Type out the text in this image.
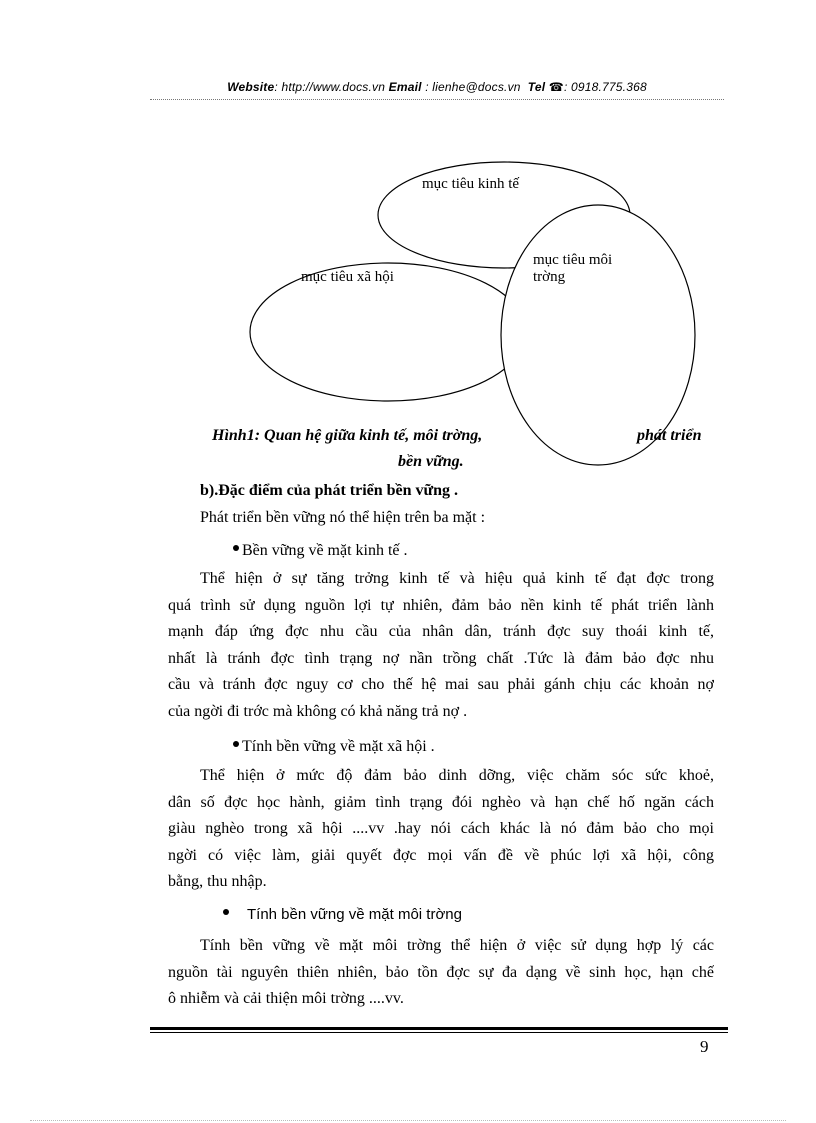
Website: http://www.docs.vn Email : lienhe@docs.vn Tel ☎: 0918.775.368
mục tiêu kinh tế
mục tiêu xã hội
mục tiêu môi
trờng
Hình1: Quan hệ giữa kinh tế, môi trờng,	phát triển
bền vững.
b).Đặc điểm của phát triển bền vững .
Phát triển bền vững nó thể hiện trên ba mặt :
Bền vững về mặt kinh tế .
Thể hiện ở sự tăng trởng kinh tế và hiệu quả kinh tế đạt đợc trong
quá trình sử dụng nguồn lợi tự nhiên, đảm bảo nền kinh tế phát triển lành
mạnh đáp ứng đợc nhu cầu của nhân dân, tránh đợc suy thoái kinh tế,
nhất là tránh đợc tình trạng nợ nần trồng chất .Tức là đảm bảo đợc nhu
cầu và tránh đợc nguy cơ cho thế hệ mai sau phải gánh chịu các khoản nợ
của ngời đi trớc mà không có khả năng trả nợ .
Tính bền vững về mặt xã hội .
Thể hiện ở mức độ đảm bảo dinh dỡng, việc chăm sóc sức khoẻ,
dân số đợc học hành, giảm tình trạng đói nghèo và hạn chế hố ngăn cách
giàu nghèo trong xã hội ....vv .hay nói cách khác là nó đảm bảo cho mọi
ngời có việc làm, giải quyết đợc mọi vấn đề về phúc lợi xã hội, công
bằng, thu nhập.
Tính bền vững về mặt môi trờng
Tính bền vững về mặt môi trờng thể hiện ở việc sử dụng hợp lý các
nguồn tài nguyên thiên nhiên, bảo tồn đợc sự đa dạng về sinh học, hạn chế
ô nhiễm và cải thiện môi trờng ....vv.
9
